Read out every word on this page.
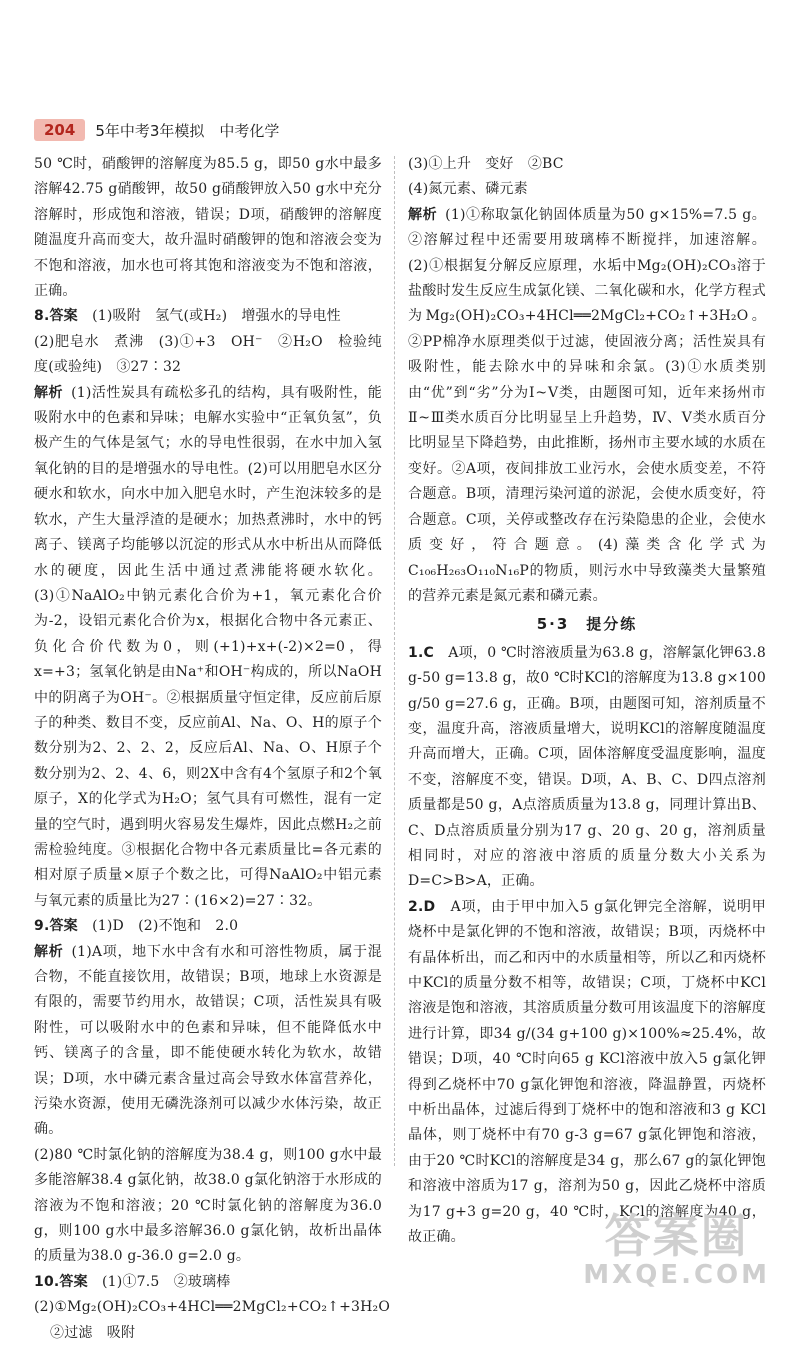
204	5年中考3年模拟　中考化学

50 ℃时，硝酸钾的溶解度为85.5 g，即50 g水中最多溶解42.75 g硝酸钾，故50 g硝酸钾放入50 g水中充分溶解时，形成饱和溶液，错误；D项，硝酸钾的溶解度随温度升高而变大，故升温时硝酸钾的饱和溶液会变为不饱和溶液，加水也可将其饱和溶液变为不饱和溶液，正确。

8.答案　 (1)吸附　氢气(或H₂)　增强水的导电性

(2)肥皂水　煮沸　(3)①+3　OH⁻　②H₂O　检验纯度(或验纯)　③27∶32

解析 (1)活性炭具有疏松多孔的结构，具有吸附性，能吸附水中的色素和异味；电解水实验中“正氧负氢”，负极产生的气体是氢气；水的导电性很弱，在水中加入氢氧化钠的目的是增强水的导电性。(2)可以用肥皂水区分硬水和软水，向水中加入肥皂水时，产生泡沫较多的是软水，产生大量浮渣的是硬水；加热煮沸时，水中的钙离子、镁离子均能够以沉淀的形式从水中析出从而降低水的硬度，因此生活中通过煮沸能将硬水软化。(3)①NaAlO₂中钠元素化合价为+1，氧元素化合价为-2，设铝元素化合价为x，根据化合物中各元素正、负化合价代数为0，则(+1)+x+(-2)×2=0，得x=+3；氢氧化钠是由Na⁺和OH⁻构成的，所以NaOH中的阴离子为OH⁻。②根据质量守恒定律，反应前后原子的种类、数目不变，反应前Al、Na、O、H的原子个数分别为2、2、2、2，反应后Al、Na、O、H原子个数分别为2、2、4、6，则2X中含有4个氢原子和2个氧原子，X的化学式为H₂O；氢气具有可燃性，混有一定量的空气时，遇到明火容易发生爆炸，因此点燃H₂之前需检验纯度。③根据化合物中各元素质量比=各元素的相对原子质量×原子个数之比，可得NaAlO₂中铝元素与氧元素的质量比为27∶(16×2)=27∶32。

9.答案　 (1)D　(2)不饱和　2.0

解析 (1)A项，地下水中含有水和可溶性物质，属于混合物，不能直接饮用，故错误；B项，地球上水资源是有限的，需要节约用水，故错误；C项，活性炭具有吸附性，可以吸附水中的色素和异味，但不能降低水中钙、镁离子的含量，即不能使硬水转化为软水，故错误；D项，水中磷元素含量过高会导致水体富营养化，污染水资源，使用无磷洗涤剂可以减少水体污染，故正确。

(2)80 ℃时氯化钠的溶解度为38.4 g，则100 g水中最多能溶解38.4 g氯化钠，故38.0 g氯化钠溶于水形成的溶液为不饱和溶液；20 ℃时氯化钠的溶解度为36.0 g，则100 g水中最多溶解36.0 g氯化钠，故析出晶体的质量为38.0 g-36.0 g=2.0 g。

10.答案　 (1)①7.5　②玻璃棒

(2)①Mg₂(OH)₂CO₃+4HCl══2MgCl₂+CO₂↑+3H₂O

②过滤　吸附

(3)①上升　变好　②BC

(4)氮元素、磷元素

解析 (1)①称取氯化钠固体质量为50 g×15%=7.5 g。②溶解过程中还需要用玻璃棒不断搅拌，加速溶解。(2)①根据复分解反应原理，水垢中Mg₂(OH)₂CO₃溶于盐酸时发生反应生成氯化镁、二氧化碳和水，化学方程式为Mg₂(OH)₂CO₃+4HCl══2MgCl₂+CO₂↑+3H₂O。②PP棉净水原理类似于过滤，使固液分离；活性炭具有吸附性，能去除水中的异味和余氯。(3)①水质类别由“优”到“劣”分为Ⅰ~Ⅴ类，由题图可知，近年来扬州市Ⅱ~Ⅲ类水质百分比明显呈上升趋势，Ⅳ、Ⅴ类水质百分比明显呈下降趋势，由此推断，扬州市主要水域的水质在变好。②A项，夜间排放工业污水，会使水质变差，不符合题意。B项，清理污染河道的淤泥，会使水质变好，符合题意。C项，关停或整改存在污染隐患的企业，会使水质变好，符合题意。(4)藻类含化学式为C₁₀₆H₂₆₃O₁₁₀N₁₆P的物质，则污水中导致藻类大量繁殖的营养元素是氮元素和磷元素。

5·3　提分练

1.C　 A项，0 ℃时溶液质量为63.8 g，溶解氯化钾63.8 g-50 g=13.8 g，故0 ℃时KCl的溶解度为13.8 g×100 g/50 g=27.6 g，正确。B项，由题图可知，溶剂质量不变，温度升高，溶液质量增大，说明KCl的溶解度随温度升高而增大，正确。C项，固体溶解度受温度影响，温度不变，溶解度不变，错误。D项，A、B、C、D四点溶剂质量都是50 g，A点溶质质量为13.8 g，同理计算出B、C、D点溶质质量分别为17 g、20 g、20 g，溶剂质量相同时，对应的溶液中溶质的质量分数大小关系为D=C>B>A，正确。

2.D　 A项，由于甲中加入5 g氯化钾完全溶解，说明甲烧杯中是氯化钾的不饱和溶液，故错误；B项，丙烧杯中有晶体析出，而乙和丙中的水质量相等，所以乙和丙烧杯中KCl的质量分数不相等，故错误；C项，丁烧杯中KCl溶液是饱和溶液，其溶质质量分数可用该温度下的溶解度进行计算，即34 g/(34 g+100 g)×100%≈25.4%，故错误；D项，40 ℃时向65 g KCl溶液中放入5 g氯化钾得到乙烧杯中70 g氯化钾饱和溶液，降温静置，丙烧杯中析出晶体，过滤后得到丁烧杯中的饱和溶液和3 g KCl晶体，则丁烧杯中有70 g-3 g=67 g氯化钾饱和溶液，由于20 ℃时KCl的溶解度是34 g，那么67 g的氯化钾饱和溶液中溶质为17 g，溶剂为50 g，因此乙烧杯中溶质为17 g+3 g=20 g，40 ℃时，KCl的溶解度为40 g，故正确。	答案圈
MXQE.COM
